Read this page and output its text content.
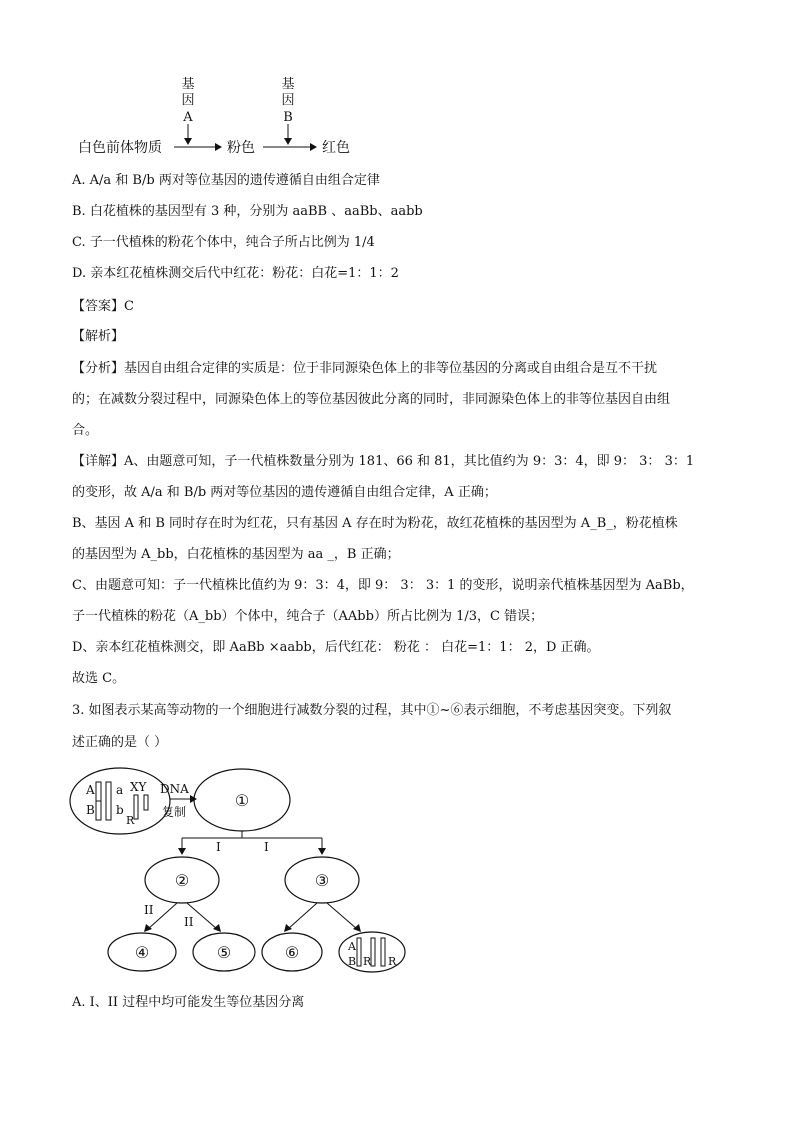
基
因
A
基
因
B
白色前体物质	粉色	红色
A. A/a 和 B/b 两对等位基因的遗传遵循自由组合定律
B. 白花植株的基因型有 3 种，分别为 aaBB 、aaBb、aabb
C. 子一代植株的粉花个体中，纯合子所占比例为 1/4
D. 亲本红花植株测交后代中红花：粉花：白花=1：1：2
【答案】C
【解析】
【分析】基因自由组合定律的实质是：位于非同源染色体上的非等位基因的分离或自由组合是互不干扰
的；在减数分裂过程中，同源染色体上的等位基因彼此分离的同时，非同源染色体上的非等位基因自由组
合。
【详解】A、由题意可知，子一代植株数量分别为 181、66 和 81，其比值约为 9：3：4，即 9： 3： 3：1
的变形，故 A/a 和 B/b 两对等位基因的遗传遵循自由组合定律，A 正确；
B、基因 A 和 B 同时存在时为红花，只有基因 A 存在时为粉花，故红花植株的基因型为 A_B_，粉花植株
的基因型为 A_bb，白花植株的基因型为 aa _，B 正确；
C、由题意可知：子一代植株比值约为 9：3：4，即 9： 3： 3：1 的变形，说明亲代植株基因型为 AaBb，
子一代植株的粉花（A_bb）个体中，纯合子（AAbb）所占比例为 1/3，C 错误；
D、亲本红花植株测交，即 AaBb ×aabb，后代红花： 粉花 ： 白花=1：1： 2，D 正确。
故选 C。
3. 如图表示某高等动物的一个细胞进行减数分裂的过程，其中①~⑥表示细胞，不考虑基因突变。下列叙
述正确的是（ ）
A
B
a
b
XY
R
DNA
复制
①
I	I
②	③
II
II
④	⑤	⑥	A
B R R
A. I、II 过程中均可能发生等位基因分离
